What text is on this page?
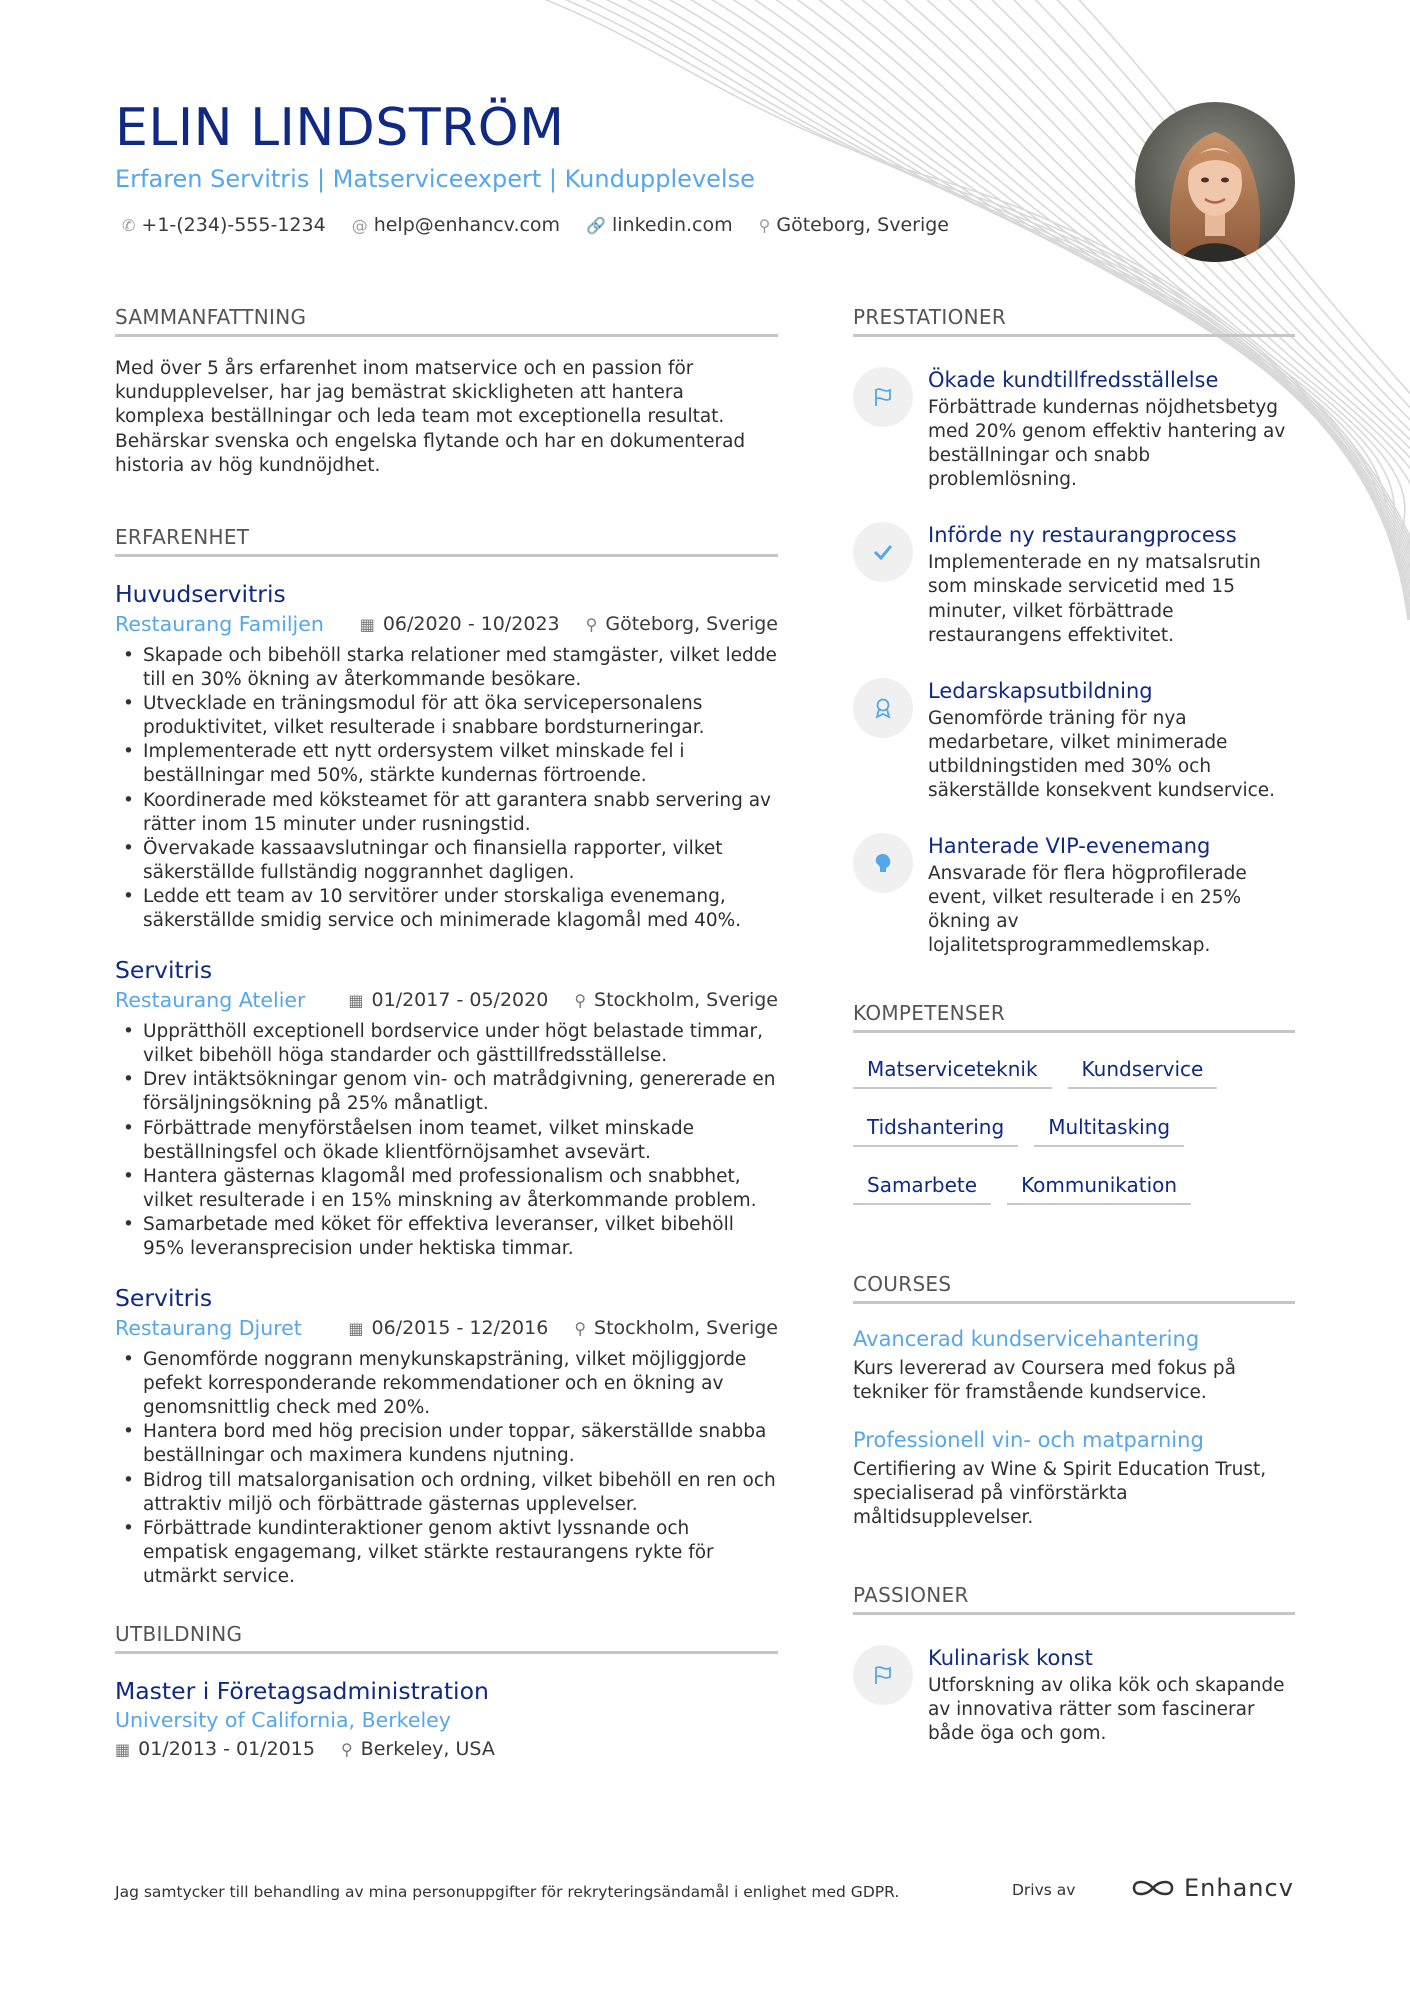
ELIN LINDSTRÖM
Erfaren Servitris | Matserviceexpert | Kundupplevelse
✆ +1-(234)-555-1234 @ help@enhancv.com 🔗 linkedin.com ⚲ Göteborg, Sverige
SAMMANFATTNING
Med över 5 års erfarenhet inom matservice och en passion för kundupplevelser, har jag bemästrat skickligheten att hantera komplexa beställningar och leda team mot exceptionella resultat. Behärskar svenska och engelska flytande och har en dokumenterad historia av hög kundnöjdhet.
ERFARENHET
Huvudservitris
Restaurang Familjen ▦ 06/2020 - 10/2023 ⚲ Göteborg, Sverige
• Skapade och bibehöll starka relationer med stamgäster, vilket ledde till en 30% ökning av återkommande besökare.
• Utvecklade en träningsmodul för att öka servicepersonalens produktivitet, vilket resulterade i snabbare bordsturneringar.
• Implementerade ett nytt ordersystem vilket minskade fel i beställningar med 50%, stärkte kundernas förtroende.
• Koordinerade med köksteamet för att garantera snabb servering av rätter inom 15 minuter under rusningstid.
• Övervakade kassaavslutningar och finansiella rapporter, vilket säkerställde fullständig noggrannhet dagligen.
• Ledde ett team av 10 servitörer under storskaliga evenemang, säkerställde smidig service och minimerade klagomål med 40%.
Servitris
Restaurang Atelier	▦ 01/2017 - 05/2020 ⚲ Stockholm, Sverige
• Upprätthöll exceptionell bordservice under högt belastade timmar, vilket bibehöll höga standarder och gästtillfredsställelse.
• Drev intäktsökningar genom vin- och matrådgivning, genererade en försäljningsökning på 25% månatligt.
• Förbättrade menyförståelsen inom teamet, vilket minskade beställningsfel och ökade klientförnöjsamhet avsevärt.
• Hantera gästernas klagomål med professionalism och snabbhet, vilket resulterade i en 15% minskning av återkommande problem.
• Samarbetade med köket för effektiva leveranser, vilket bibehöll 95% leveransprecision under hektiska timmar.
Servitris
Restaurang Djuret	▦ 06/2015 - 12/2016 ⚲ Stockholm, Sverige
• Genomförde noggrann menykunskapsträning, vilket möjliggjorde pefekt korresponderande rekommendationer och en ökning av genomsnittlig check med 20%.
• Hantera bord med hög precision under toppar, säkerställde snabba beställningar och maximera kundens njutning.
• Bidrog till matsalorganisation och ordning, vilket bibehöll en ren och attraktiv miljö och förbättrade gästernas upplevelser.
• Förbättrade kundinteraktioner genom aktivt lyssnande och empatisk engagemang, vilket stärkte restaurangens rykte för utmärkt service.
UTBILDNING
Master i Företagsadministration
University of California, Berkeley
▦ 01/2013 - 01/2015 ⚲ Berkeley, USA
PRESTATIONER
Ökade kundtillfredsställelse
Förbättrade kundernas nöjdhetsbetyg med 20% genom effektiv hantering av beställningar och snabb problemlösning.
Införde ny restaurangprocess
Implementerade en ny matsalsrutin som minskade servicetid med 15 minuter, vilket förbättrade restaurangens effektivitet.
Ledarskapsutbildning
Genomförde träning för nya medarbetare, vilket minimerade utbildningstiden med 30% och säkerställde konsekvent kundservice.
Hanterade VIP-evenemang
Ansvarade för flera högprofilerade event, vilket resulterade i en 25% ökning av lojalitetsprogrammedlemskap.
KOMPETENSER
Matserviceteknik	Kundservice
Tidshantering	Multitasking
Samarbete	Kommunikation
COURSES
Avancerad kundservicehantering
Kurs levererad av Coursera med fokus på tekniker för framstående kundservice.
Professionell vin- och matparning
Certifiering av Wine & Spirit Education Trust, specialiserad på vinförstärkta måltidsupplevelser.
PASSIONER
Kulinarisk konst
Utforskning av olika kök och skapande av innovativa rätter som fascinerar både öga och gom.
Jag samtycker till behandling av mina personuppgifter för rekryteringsändamål i enlighet med GDPR.	Drivs av	Enhancv
